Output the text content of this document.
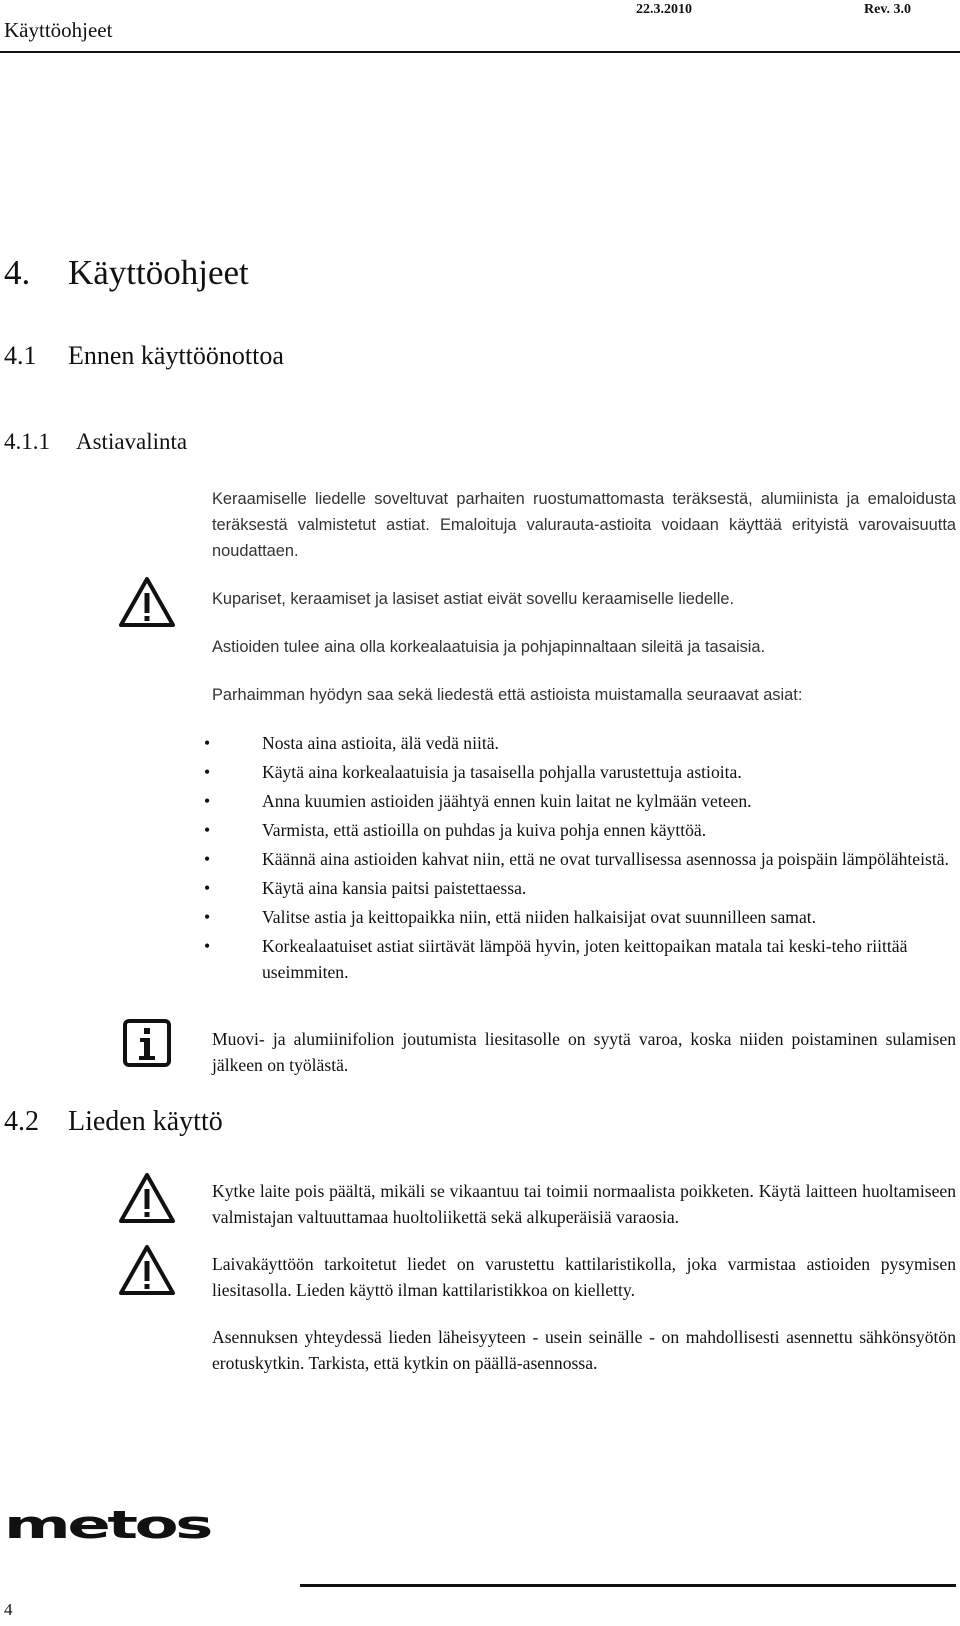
Käyttöohjeet
22.3.2010	Rev. 3.0
4. Käyttöohjeet
4.1 Ennen käyttöönottoa
4.1.1 Astiavalinta
Keraamiselle liedelle soveltuvat parhaiten ruostumattomasta teräksestä, alumiinista ja emaloidusta teräksestä valmistetut astiat. Emaloituja valurauta-astioita voidaan käyttää erityistä varovaisuutta noudattaen.
Kupariset, keraamiset ja lasiset astiat eivät sovellu keraamiselle liedelle.
Astioiden tulee aina olla korkealaatuisia ja pohjapinnaltaan sileitä ja tasaisia.
Parhaimman hyödyn saa sekä liedestä että astioista muistamalla seuraavat asiat:
•	Nosta aina astioita, älä vedä niitä.
•	Käytä aina korkealaatuisia ja tasaisella pohjalla varustettuja astioita.
•	Anna kuumien astioiden jäähtyä ennen kuin laitat ne kylmään veteen.
•	Varmista, että astioilla on puhdas ja kuiva pohja ennen käyttöä.
•	Käännä aina astioiden kahvat niin, että ne ovat turvallisessa asennossa ja poispäin lämpölähteistä.
•	Käytä aina kansia paitsi paistettaessa.
•	Valitse astia ja keittopaikka niin, että niiden halkaisijat ovat suunnilleen samat.
•	Korkealaatuiset astiat siirtävät lämpöä hyvin, joten keittopaikan matala tai keski-teho riittää useimmiten.
Muovi- ja alumiinifolion joutumista liesitasolle on syytä varoa, koska niiden poistaminen sulamisen jälkeen on työlästä.
4.2 Lieden käyttö
Kytke laite pois päältä, mikäli se vikaantuu tai toimii normaalista poikketen. Käytä laitteen huoltamiseen valmistajan valtuuttamaa huoltoliikettä sekä alkuperäisiä varaosia.
Laivakäyttöön tarkoitetut liedet on varustettu kattilaristikolla, joka varmistaa astioiden pysymisen liesitasolla. Lieden käyttö ilman kattilaristikkoa on kielletty.
Asennuksen yhteydessä lieden läheisyyteen - usein seinälle - on mahdollisesti asennettu sähkönsyötön erotuskytkin. Tarkista, että kytkin on päällä-asennossa.
metos
4
